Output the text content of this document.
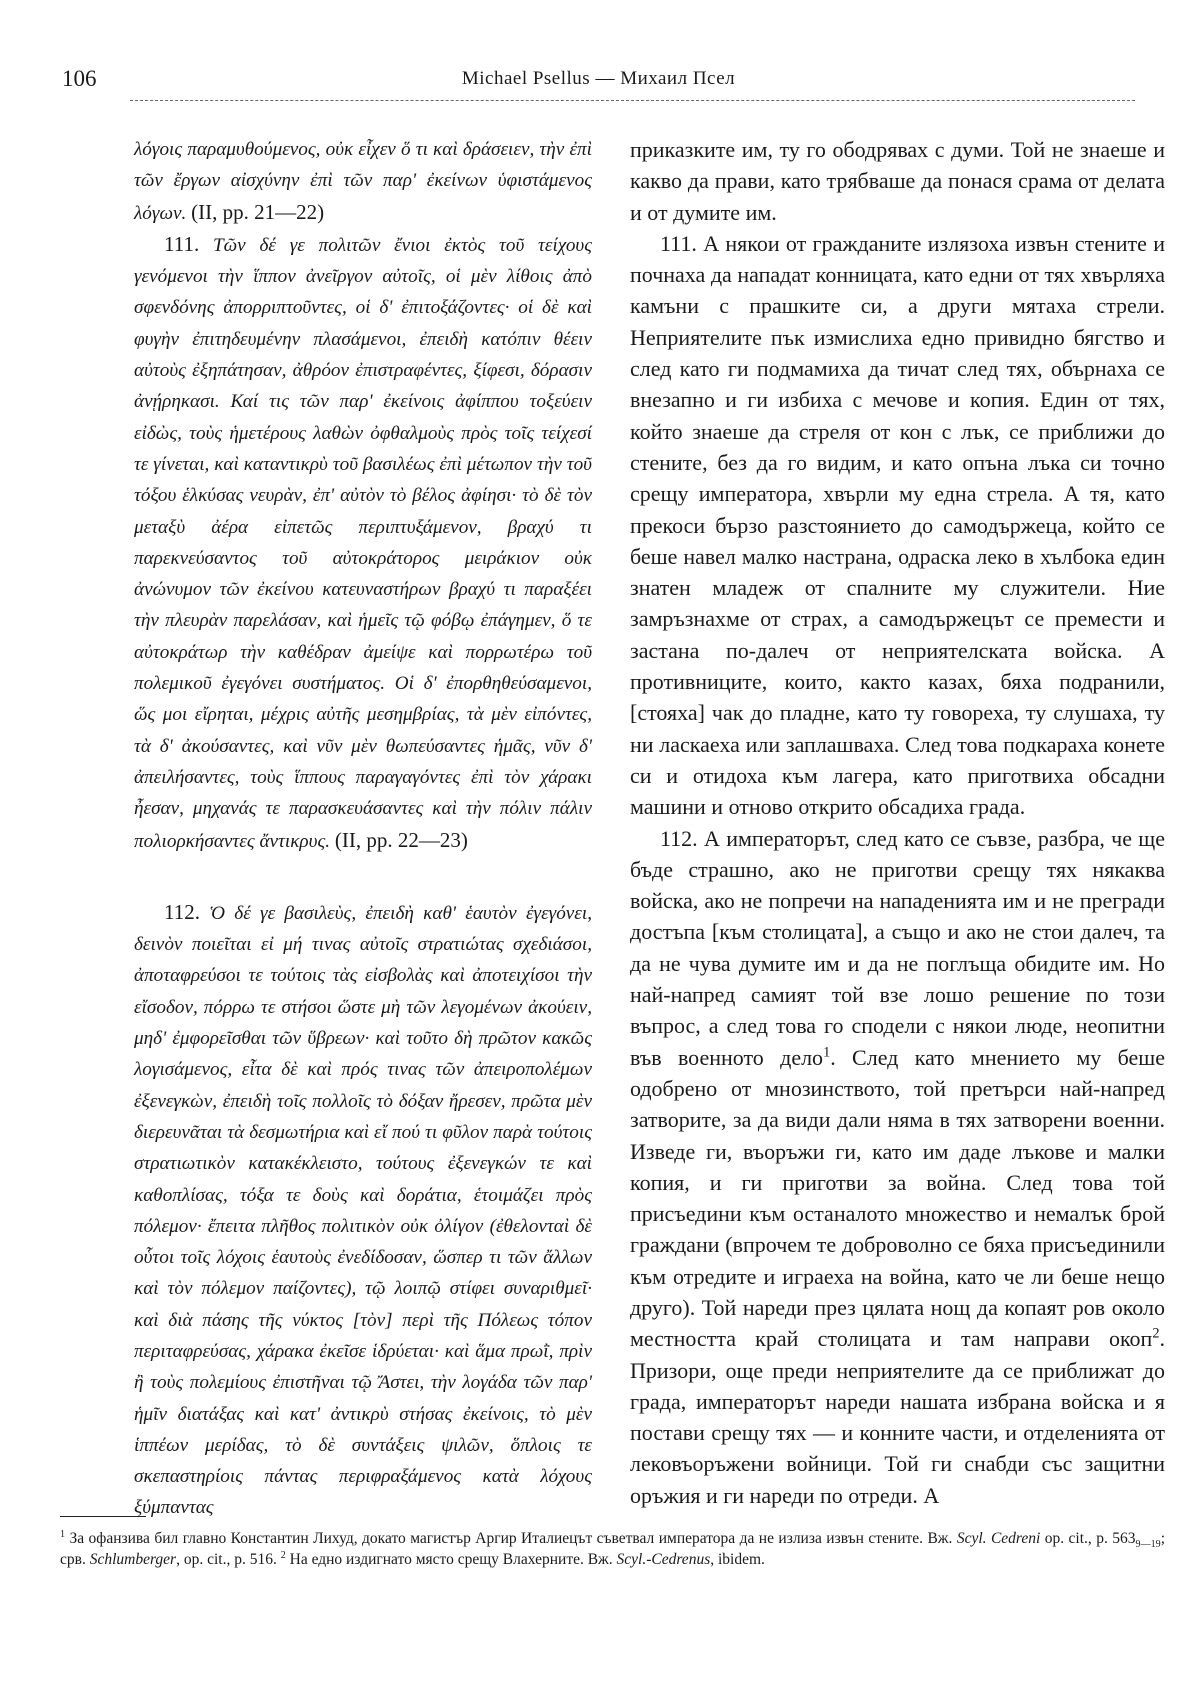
106	Michael Psellus — Михаил Псел

λόγοις παραμυθούμενος, οὐκ εἶχεν ὅ τι καὶ δράσειεν, τὴν ἐπὶ τῶν ἔργων αἰσχύνην ἐπὶ τῶν παρ' ἐκείνων ὑφιστάμενος λόγων. (II, pp. 21—22)

111. Τῶν δέ γε πολιτῶν ἔνιοι ἐκτὸς τοῦ τείχους γενόμενοι τὴν ἵππον ἀνεῖργον αὐτοῖς, οἱ μὲν λίθοις ἀπὸ σφενδόνης ἀπορριπτοῦντες, οἱ δ' ἐπιτοξάζοντες· οἱ δὲ καὶ φυγὴν ἐπιτηδευμένην πλασάμενοι, ἐπειδὴ κατόπιν θέειν αὐτοὺς ἐξηπάτησαν, ἀθρόον ἐπιστραφέντες, ξίφεσι, δόρασιν ἀνῄρηκασι. Καί τις τῶν παρ' ἐκείνοις ἀφίππου τοξεύειν εἰδὼς, τοὺς ἡμετέρους λαθὼν ὀφθαλμοὺς πρὸς τοῖς τείχεσί τε γίνεται, καὶ καταντικρὺ τοῦ βασιλέως ἐπὶ μέτωπον τὴν τοῦ τόξου ἑλκύσας νευρὰν, ἐπ' αὐτὸν τὸ βέλος ἀφίησι· τὸ δὲ τὸν μεταξὺ ἀέρα εἰπετῶς περιπτυξάμενον, βραχύ τι παρεκνεύσαντος τοῦ αὐτοκράτορος μειράκιον οὐκ ἀνώνυμον τῶν ἐκείνου κατευναστήρων βραχύ τι παραξέει τὴν πλευρὰν παρελάσαν, καὶ ἡμεῖς τῷ φόβῳ ἐπάγημεν, ὅ τε αὐτοκράτωρ τὴν καθέδραν ἀμείψε καὶ πορρωτέρω τοῦ πολεμικοῦ ἐγεγόνει συστήματος. Οἱ δ' ἐπορθηθεύσαμενοι, ὥς μοι εἴρηται, μέχρις αὐτῆς μεσημβρίας, τὰ μὲν εἰπόντες, τὰ δ' ἀκούσαντες, καὶ νῦν μὲν θωπεύσαντες ἡμᾶς, νῦν δ' ἀπειλήσαντες, τοὺς ἵππους παραγαγόντες ἐπὶ τὸν χάρακι ἦεσαν, μηχανάς τε παρασκευάσαντες καὶ τὴν πόλιν πάλιν πολιορκήσαντες ἄντικρυς. (II, pp. 22—23)

112. Ὁ δέ γε βασιλεὺς, ἐπειδὴ καθ' ἑαυτὸν ἐγεγόνει, δεινὸν ποιεῖται εἰ μή τινας αὐτοῖς στρατιώτας σχεδιάσοι, ἀποταφρεύσοι τε τούτοις τὰς εἰσβολὰς καὶ ἀποτειχίσοι τὴν εἴσοδον, πόρρω τε στήσοι ὥστε μὴ τῶν λεγομένων ἀκούειν, μηδ' ἐμφορεῖσθαι τῶν ὕβρεων· καὶ τοῦτο δὴ πρῶτον κακῶς λογισάμενος, εἶτα δὲ καὶ πρός τινας τῶν ἀπειροπολέμων ἐξενεγκὼν, ἐπειδὴ τοῖς πολλοῖς τὸ δόξαν ἤρεσεν, πρῶτα μὲν διερευνᾶται τὰ δεσμωτήρια καὶ εἴ πού τι φῦλον παρὰ τούτοις στρατιωτικὸν κατακέκλειστο, τούτους ἐξενεγκών τε καὶ καθοπλίσας, τόξα τε δοὺς καὶ δοράτια, ἑτοιμάζει πρὸς πόλεμον· ἔπειτα πλῆθος πολιτικὸν οὐκ ὀλίγον (ἐθελονταὶ δὲ οὗτοι τοῖς λόχοις ἑαυτοὺς ἐνεδίδοσαν, ὥσπερ τι τῶν ἄλλων καὶ τὸν πόλεμον παίζοντες), τῷ λοιπῷ στίφει συναριθμεῖ· καὶ διὰ πάσης τῆς νύκτος [τὸν] περὶ τῆς Πόλεως τόπον περιταφρεύσας, χάρακα ἐκεῖσε ἱδρύεται· καὶ ἅμα πρωῒ, πρὶν ἢ τοὺς πολεμίους ἐπιστῆναι τῷ Ἄστει, τὴν λογάδα τῶν παρ' ἡμῖν διατάξας καὶ κατ' ἀντικρὺ στήσας ἐκείνοις, τὸ μὲν ἱππέων μερίδας, τὸ δὲ συντάξεις ψιλῶν, ὅπλοις τε σκεπαστηρίοις πάντας περιφραξάμενος κατὰ λόχους ξύμπαντας

приказките им, ту го ободрявах с думи. Той не знаеше и какво да прави, като трябваше да понася срама от делата и от думите им.

111. А някои от гражданите излязоха извън стените и почнаха да нападат конницата, като едни от тях хвърляха камъни с прашките си, а други мятаха стрели. Неприятелите пък измислиха едно привидно бягство и след като ги подмамиха да тичат след тях, обърнаха се внезапно и ги избиха с мечове и копия. Един от тях, който знаеше да стреля от кон с лък, се приближи до стените, без да го видим, и като опъна лъка си точно срещу императора, хвърли му една стрела. А тя, като прекоси бързо разстоянието до самодържеца, който се беше навел малко настрана, одраска леко в хълбока един знатен младеж от спалните му служители. Ние замръзнахме от страх, а самодържецът се премести и застана по-далеч от неприятелската войска. А противниците, които, както казах, бяха подранили, [стояха] чак до пладне, като ту говореха, ту слушаха, ту ни ласкаеха или заплашваха. След това подкараха конете си и отидоха към лагера, като приготвиха обсадни машини и отново открито обсадиха града.

112. А императорът, след като се съвзе, разбра, че ще бъде страшно, ако не приготви срещу тях някаква войска, ако не попречи на нападенията им и не прегради достъпа [към столицата], а също и ако не стои далеч, та да не чува думите им и да не поглъща обидите им. Но най-напред самият той взе лошо решение по този въпрос, а след това го сподели с някои люде, неопитни във военното дело$^1$. След като мнението му беше одобрено от мнозинството, той претърси най-напред затворите, за да види дали няма в тях затворени военни. Изведе ги, въоръжи ги, като им даде лъкове и малки копия, и ги приготви за война. След това той присъедини към останалото множество и немалък брой граждани (впрочем те доброволно се бяха присъединили към отредите и играеха на война, като че ли беше нещо друго). Той нареди през цялата нощ да копаят ров около местността край столицата и там направи окоп$^2$. Призори, още преди неприятелите да се приближат до града, императорът нареди нашата избрана войска и я постави срещу тях — и конните части, и отделенията от лековъоръжени войници. Той ги снабди със защитни оръжия и ги нареди по отреди. А

$^1$ За офанзива бил главно Константин Лихуд, докато магистър Аргир Италиецът съветвал императора да не излиза извън стените. Вж. Scyl. Cedreni op. cit., p. $563_{9—19}$; срв. Schlumberger, op. cit., p. 516. $^2$ На едно издигнато място срещу Влахерните. Вж. Scyl.-Cedrenus, ibidem.
